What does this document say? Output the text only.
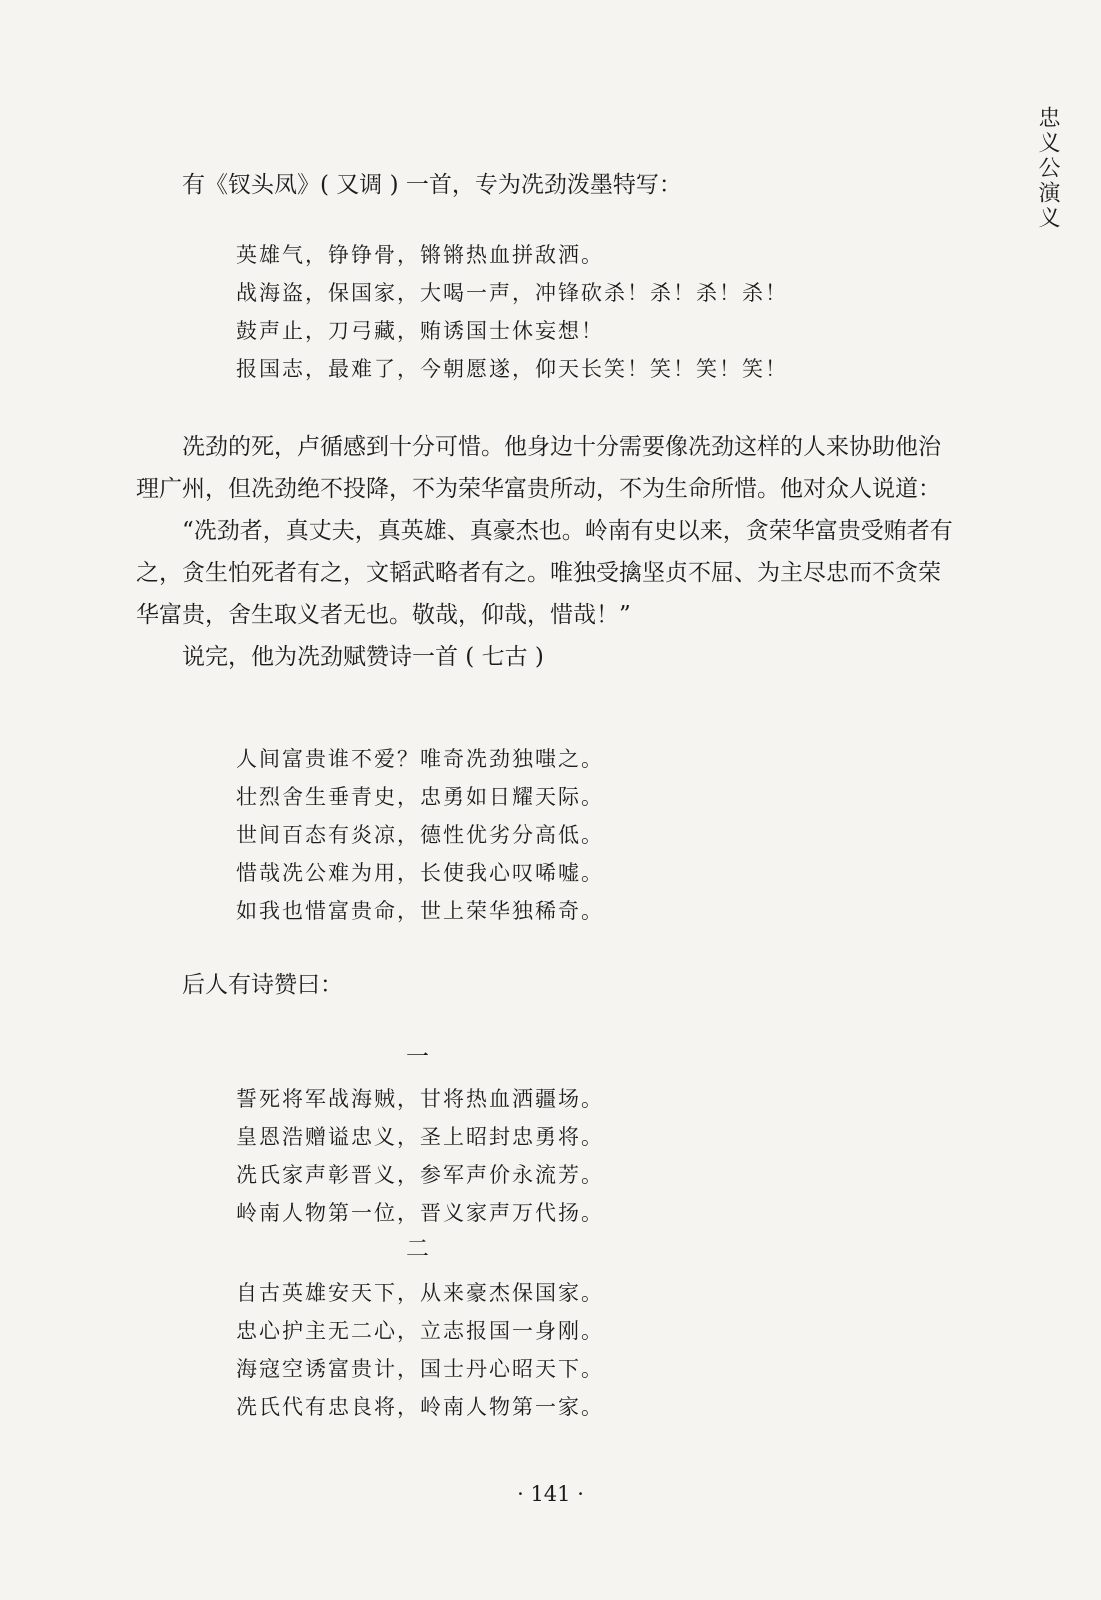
忠义公演义
有《钗头凤》( 又调 ) 一首，专为冼劲泼墨特写：
英雄气，铮铮骨，锵锵热血拼敌洒。
战海盗，保国家，大喝一声，冲锋砍杀！杀！杀！杀！
鼓声止，刀弓藏，贿诱国士休妄想！
报国志，最难了，今朝愿遂，仰天长笑！笑！笑！笑！

冼劲的死，卢循感到十分可惜。他身边十分需要像冼劲这样的人来协助他治理广州，但冼劲绝不投降，不为荣华富贵所动，不为生命所惜。他对众人说道：

“冼劲者，真丈夫，真英雄、真豪杰也。岭南有史以来，贪荣华富贵受贿者有之，贪生怕死者有之，文韬武略者有之。唯独受擒坚贞不屈、为主尽忠而不贪荣华富贵，舍生取义者无也。敬哉，仰哉，惜哉！”

说完，他为冼劲赋赞诗一首 ( 七古 )

人间富贵谁不爱？唯奇冼劲独嗤之。
壮烈舍生垂青史，忠勇如日耀天际。
世间百态有炎凉，德性优劣分高低。
惜哉冼公难为用，长使我心叹唏嘘。
如我也惜富贵命，世上荣华独稀奇。
后人有诗赞曰：
一
誓死将军战海贼，甘将热血洒疆场。
皇恩浩赠谥忠义，圣上昭封忠勇将。
冼氏家声彰晋义，参军声价永流芳。
岭南人物第一位，晋义家声万代扬。
二
自古英雄安天下，从来豪杰保国家。
忠心护主无二心，立志报国一身刚。
海寇空诱富贵计，国士丹心昭天下。
冼氏代有忠良将，岭南人物第一家。
· 141 ·
